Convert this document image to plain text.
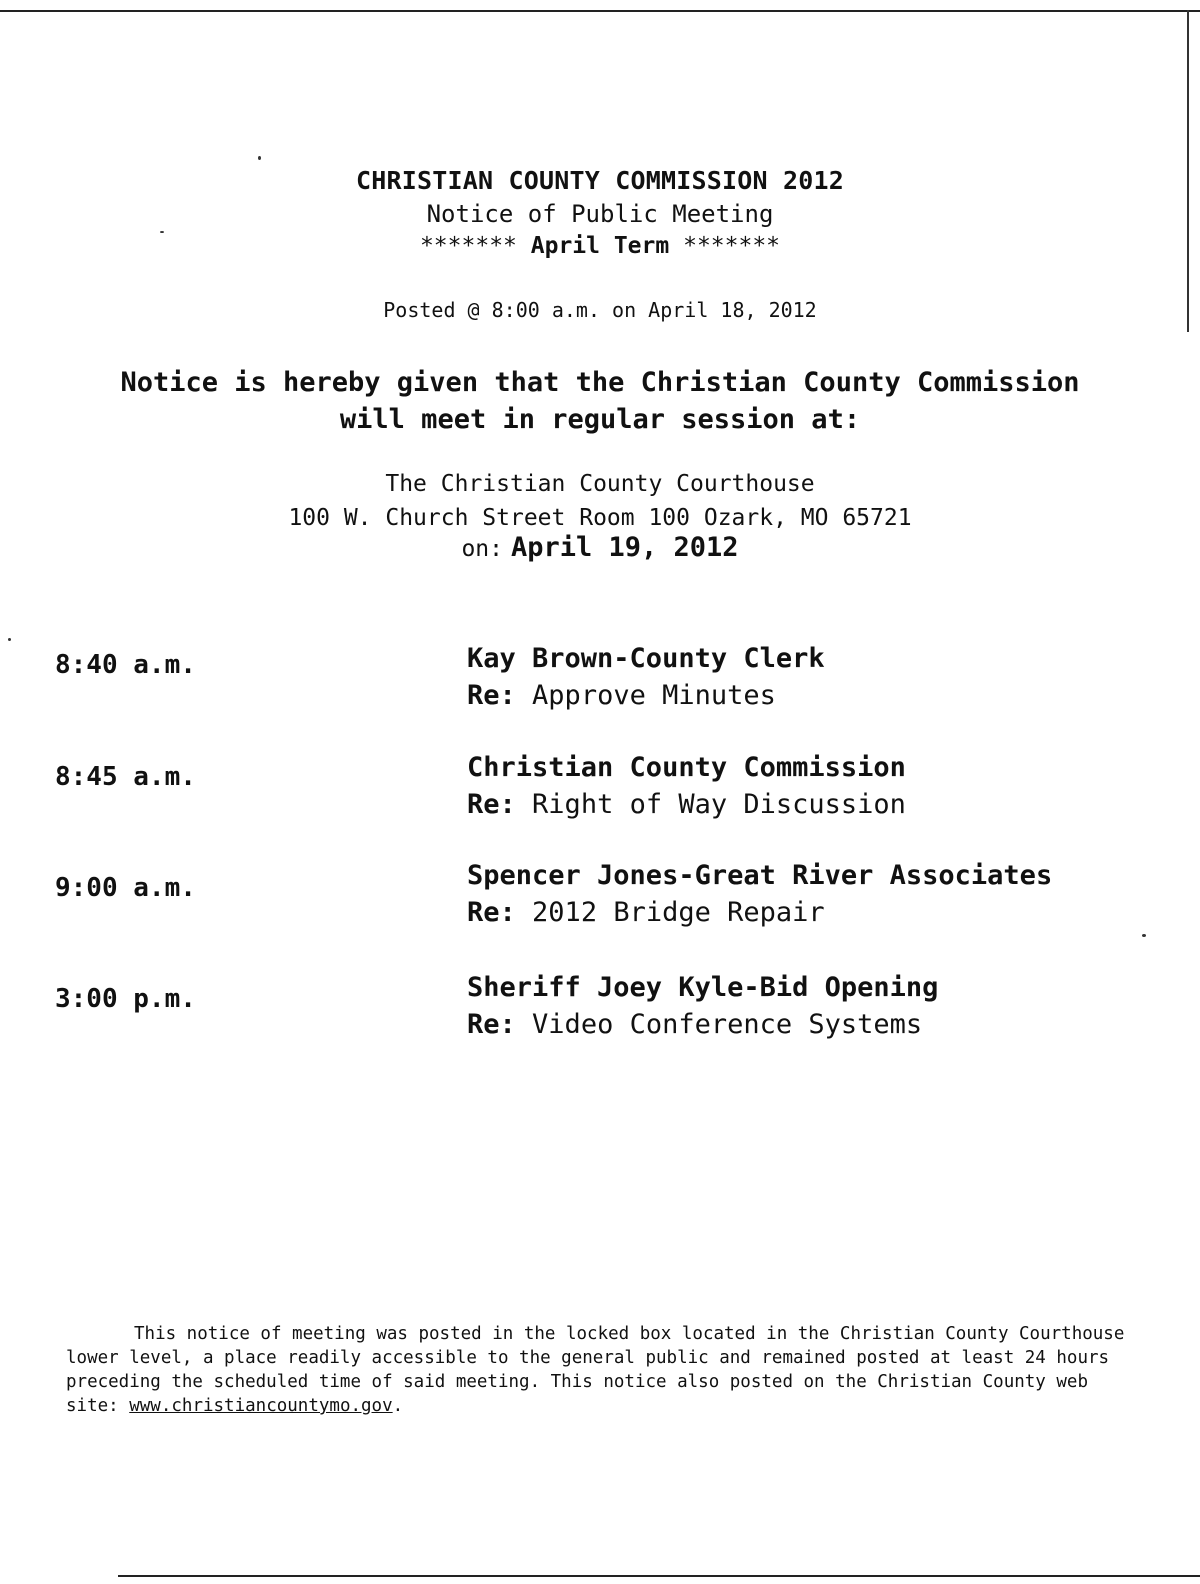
CHRISTIAN COUNTY COMMISSION 2012
Notice of Public Meeting
******* April Term *******
Posted @ 8:00 a.m. on April 18, 2012
Notice is hereby given that the Christian County Commission
will meet in regular session at:
The Christian County Courthouse
100 W. Church Street Room 100 Ozark, MO 65721
on: April 19, 2012
8:40 a.m.	Kay Brown-County Clerk
Re: Approve Minutes
8:45 a.m.	Christian County Commission
Re: Right of Way Discussion
9:00 a.m.	Spencer Jones-Great River Associates
Re: 2012 Bridge Repair
3:00 p.m.	Sheriff Joey Kyle-Bid Opening
Re: Video Conference Systems

This notice of meeting was posted in the locked box located in the Christian County Courthouse lower level, a place readily accessible to the general public and remained posted at least 24 hours preceding the scheduled time of said meeting. This notice also posted on the Christian County web site: www.christiancountymo.gov.
